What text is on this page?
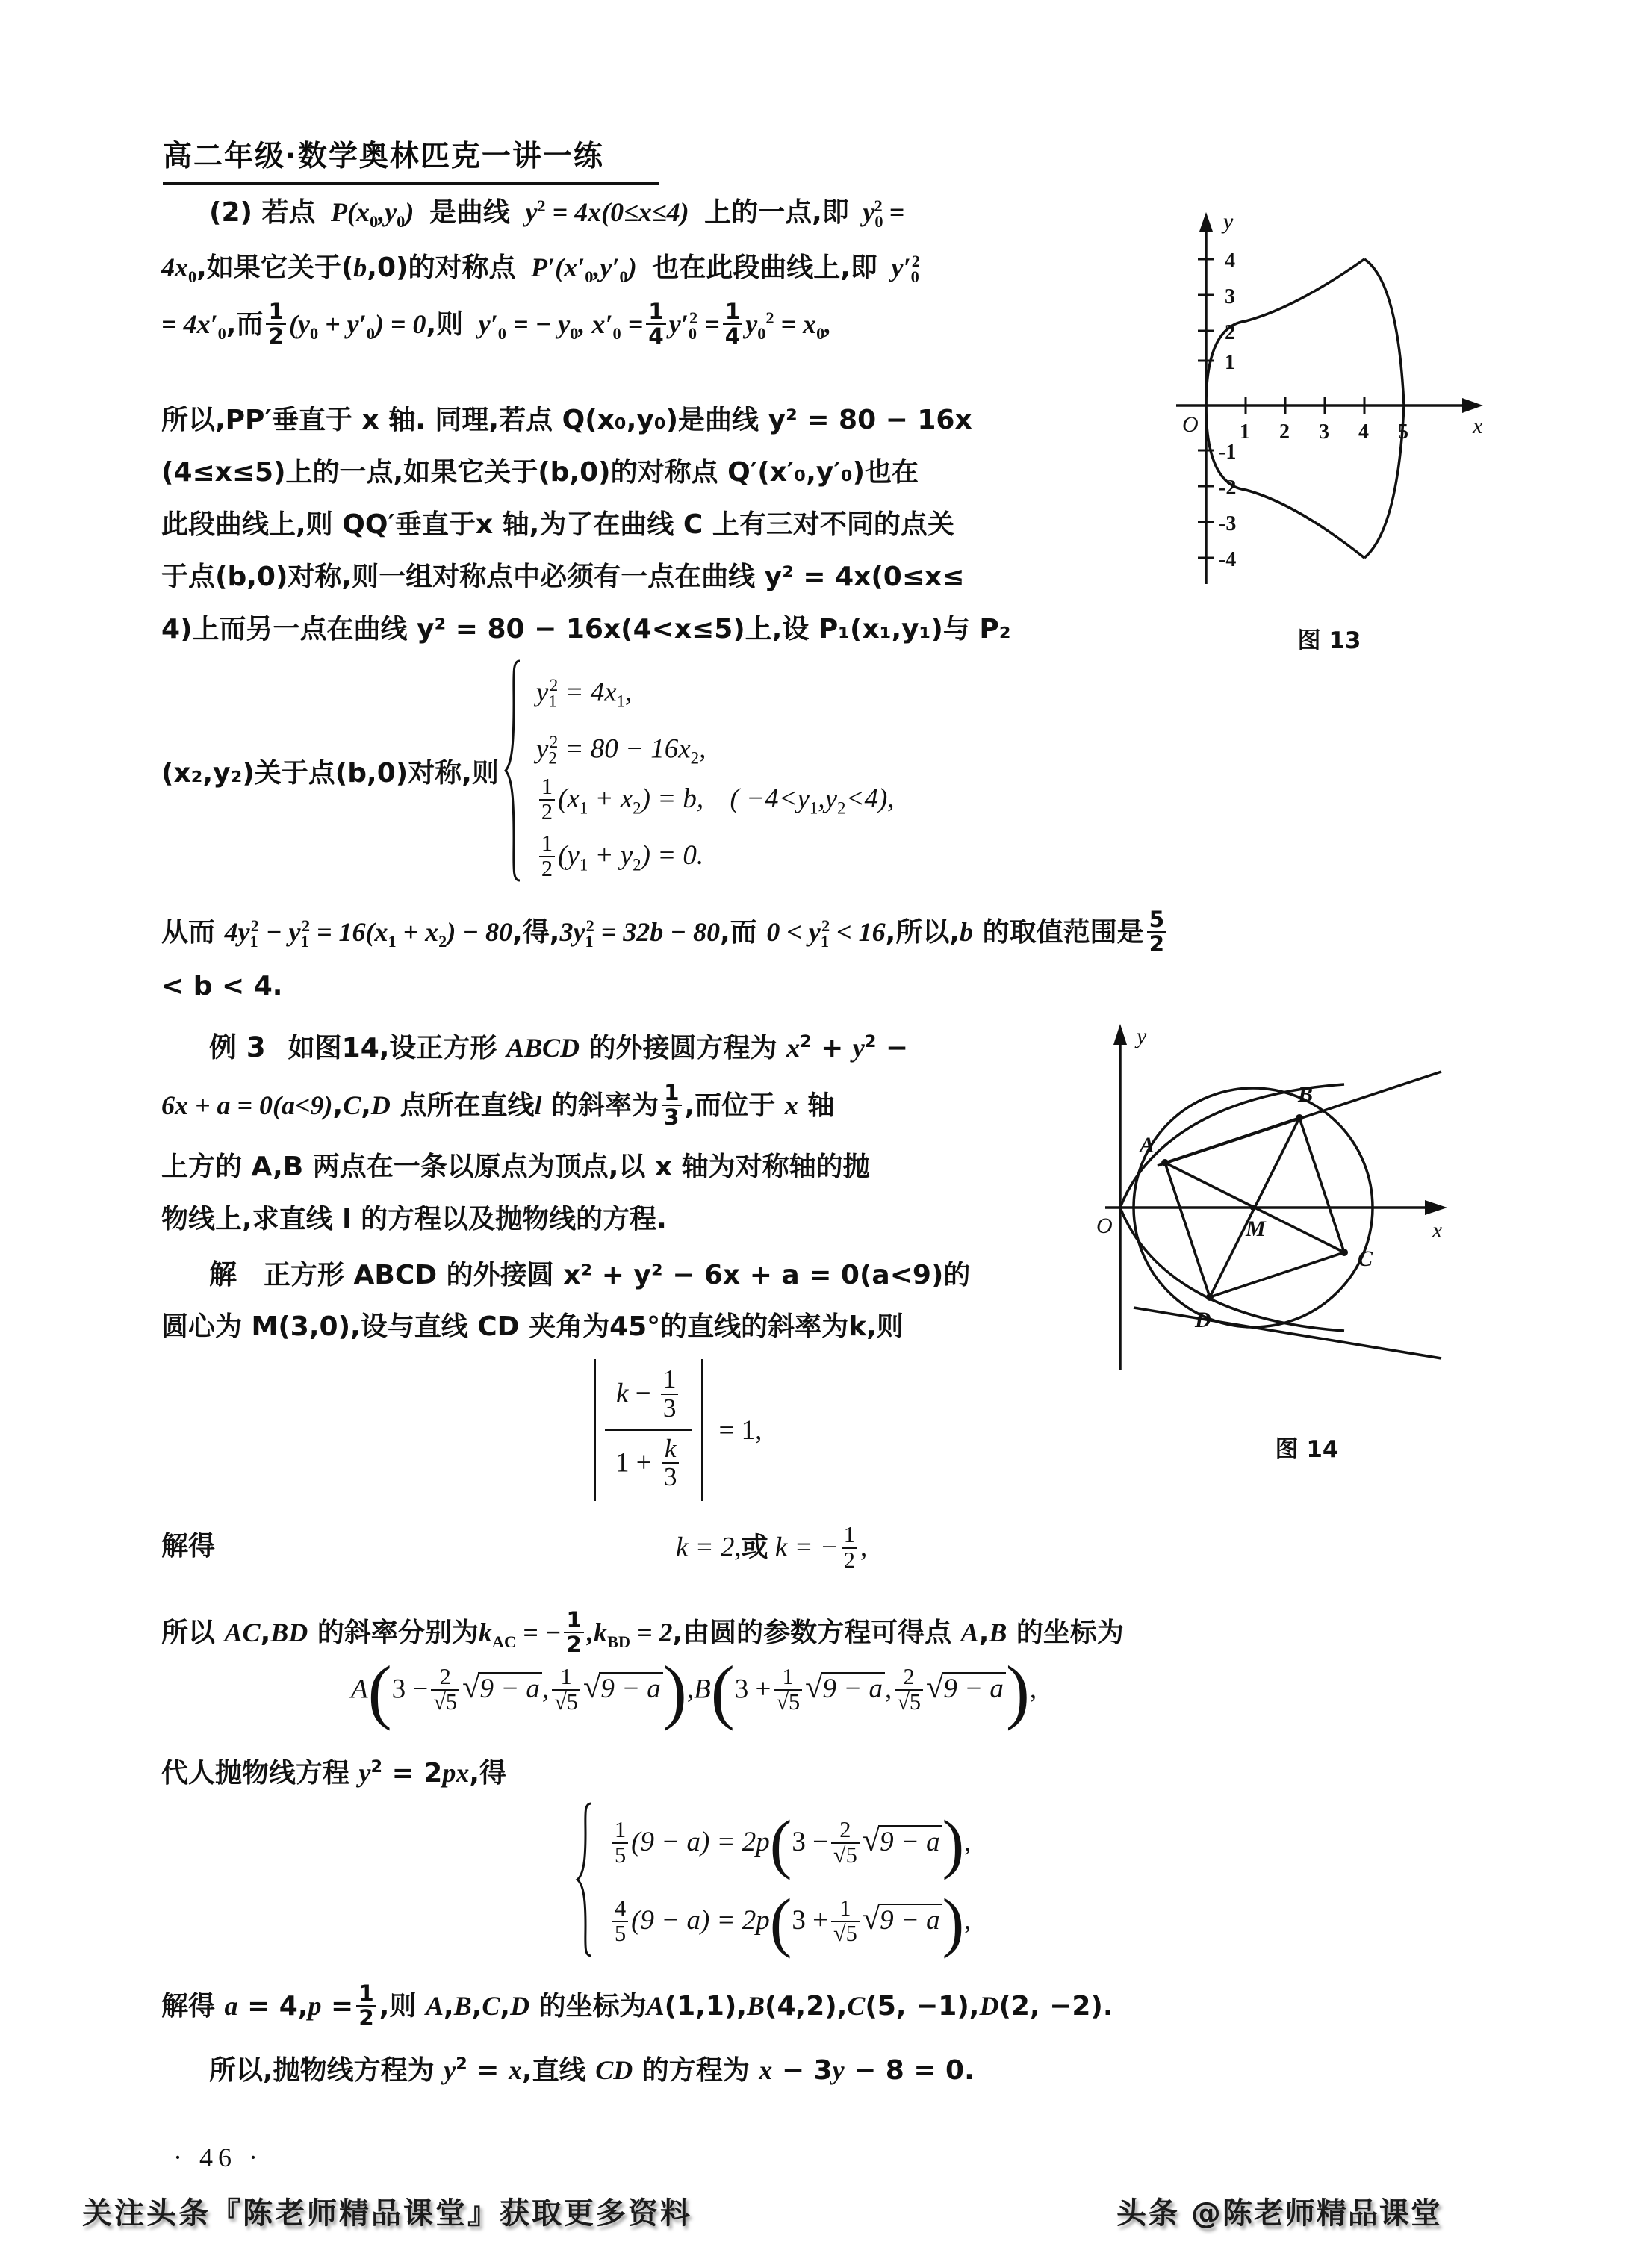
高二年级·数学奥林匹克一讲一练
(2) 若点 $P(x_0,y_0)$ 是曲线 $y^2 = 4x(0\le x\le 4)$ 上的一点,即 $y_0^2$ =
$4x_0$,如果它关于(b,0)的对称点 $P'(x'_0,y'_0)$ 也在此段曲线上,即 $y'_0^2$
= $4x'_0$,而 $\frac{1}{2} (y_0 + y'_0) = 0$,则 $y'_0$ = − $y_0$, $x'_0 = \frac{1}{4} y'_0^2 = \frac{1}{4} y_0^2 = x_0$,
所以,PP′垂直于 x 轴. 同理,若点 Q(x₀,y₀)是曲线 y² = 80 − 16x
(4≤x≤5)上的一点,如果它关于(b,0)的对称点 Q′(x′₀,y′₀)也在
此段曲线上,则 QQ′垂直于x 轴,为了在曲线 C 上有三对不同的点关
于点(b,0)对称,则一组对称点中必须有一点在曲线 y² = 4x(0≤x≤
4)上而另一点在曲线 y² = 80 − 16x(4<x≤5)上,设 P₁(x₁,y₁)与 P₂
(x₂,y₂)关于点(b,0)对称,则
$y_1^2 = 4x_1$,
$y_2^2 = 80 - 16x_2$,
$\frac{1}{2} (x_1 + x_2) = b$, ( $-4<y_1,y_2<4$),
$\frac{1}{2} (y_1 + y_2) = 0$.
从而 $4y_1^2 - y_1^2 = 16(x_1 + x_2) - 80$,得$,3y_1^2 = 32b - 80$,而 $0 < y_1^2 < 16$,所以,b 的取值范围是 $\frac{5}{2}$
< b < 4.
例 3 如图14,设正方形 ABCD 的外接圆方程为 $x^2 + y^2$ −
6x + a = 0(a<9),C,D 点所在直线l 的斜率为 $\frac{1}{3}$ ,而位于 x 轴
上方的 A,B 两点在一条以原点为顶点,以 x 轴为对称轴的抛
物线上,求直线 l 的方程以及抛物线的方程.
解 正方形 ABCD 的外接圆 x² + y² − 6x + a = 0(a<9)的
圆心为 M(3,0),设与直线 CD 夹角为45°的直线的斜率为k,则
$\frac{k - \frac{1}{3}}{1 + \frac{k}{3}} = 1$,
解得	k = 2,或 k = − $\frac{1}{2}$ ,
所以 AC,BD 的斜率分别为$k_{AC}$ = − $\frac{1}{2} ,k_{BD} = 2$,由圆的参数方程可得点 A,B 的坐标为
$A(3 - \frac{2}{√5} √9 - a$, $\frac{1}{√5} √9 - a),B(3 + \frac{1}{√5} √9 - a$, $\frac{2}{√5} √9 - a$),
代人抛物线方程 $y^2 = 2px$,得
$\frac{1}{5} (9 - a) = 2p(3 - \frac{2}{√5} √9 - a)$,
$\frac{4}{5} (9 - a) = 2p(3 + \frac{1}{√5} √9 - a)$,
解得 $a = 4,p = \frac{1}{2}$ ,则 A,B,C,D 的坐标为A(1,1),B(4,2),C(5, −1),D(2, −2).
所以,抛物线方程为 $y^2 = x$,直线 CD 的方程为 x − 3y − 8 = 0.
y
x
O
1
2
3
4
-1
-2
-3
-4
1 2 3 4 5
图 13
y
x
O
A
B
C
D
M
图 14
· 46 ·
关注头条『陈老师精品课堂』获取更多资料	头条 @陈老师精品课堂
